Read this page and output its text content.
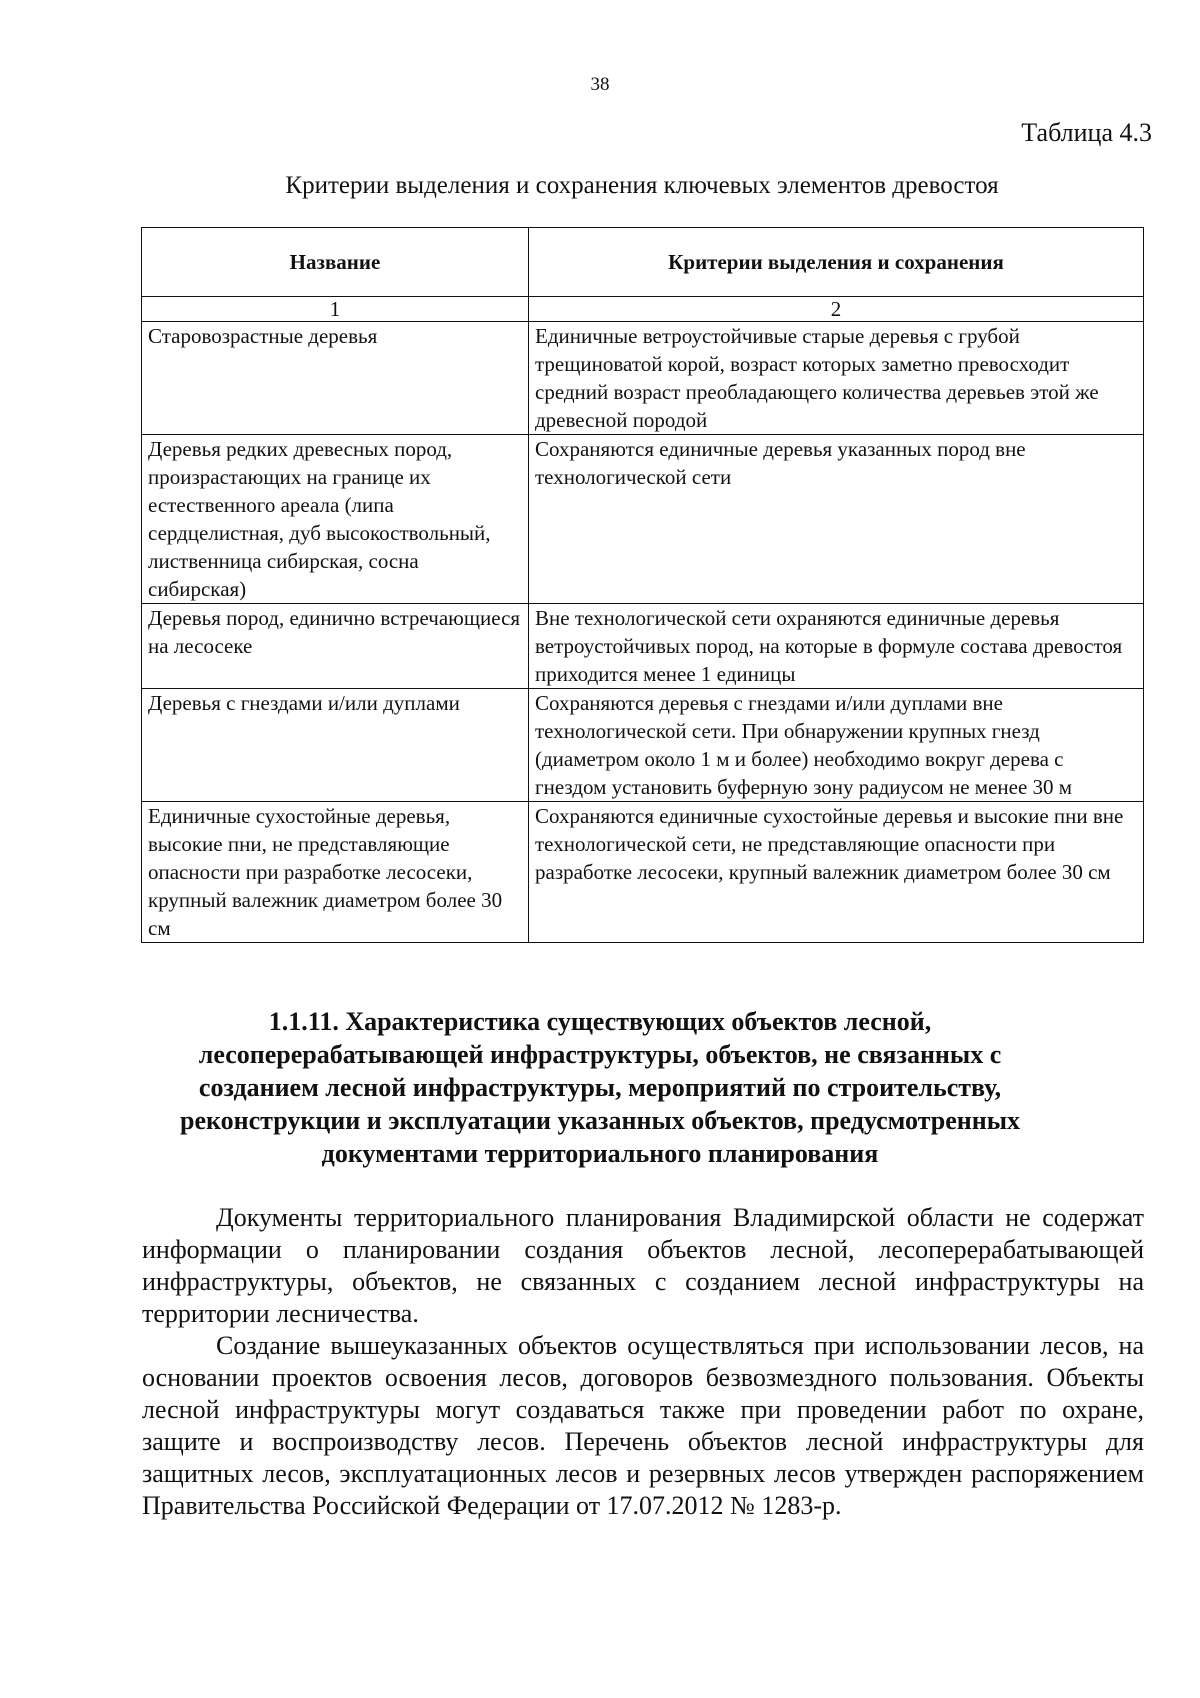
38
Таблица 4.3
Критерии выделения и сохранения ключевых элементов древостоя
Название	Критерии выделения и сохранения
1	2
Старовозрастные деревья	Единичные ветроустойчивые старые деревья с грубой трещиноватой корой, возраст которых заметно превосходит средний возраст преобладающего количества деревьев этой же древесной породой
Деревья редких древесных пород, произрастающих на границе их естественного ареала (липа сердцелистная, дуб высокоствольный, лиственница сибирская, сосна сибирская)	Сохраняются единичные деревья указанных пород вне технологической сети
Деревья пород, единично встречающиеся на лесосеке	Вне технологической сети охраняются единичные деревья ветроустойчивых пород, на которые в формуле состава древостоя приходится менее 1 единицы
Деревья с гнездами и/или дуплами	Сохраняются деревья с гнездами и/или дуплами вне технологической сети. При обнаружении крупных гнезд (диаметром около 1 м и более) необходимо вокруг дерева с гнездом установить буферную зону радиусом не менее 30 м
Единичные сухостойные деревья, высокие пни, не представляющие опасности при разработке лесосеки, крупный валежник диаметром более 30 см	Сохраняются единичные сухостойные деревья и высокие пни вне технологической сети, не представляющие опасности при разработке лесосеки, крупный валежник диаметром более 30 см
1.1.11. Характеристика существующих объектов лесной, лесоперерабатывающей инфраструктуры, объектов, не связанных с созданием лесной инфраструктуры, мероприятий по строительству, реконструкции и эксплуатации указанных объектов, предусмотренных документами территориального планирования

Документы территориального планирования Владимирской области не содержат информации о планировании создания объектов лесной, лесоперерабатывающей инфраструктуры, объектов, не связанных с созданием лесной инфраструктуры на территории лесничества.

Создание вышеуказанных объектов осуществляться при использовании лесов, на основании проектов освоения лесов, договоров безвозмездного пользования. Объекты лесной инфраструктуры могут создаваться также при проведении работ по охране, защите и воспроизводству лесов. Перечень объектов лесной инфраструктуры для защитных лесов, эксплуатационных лесов и резервных лесов утвержден распоряжением Правительства Российской Федерации от 17.07.2012 № 1283-р.
